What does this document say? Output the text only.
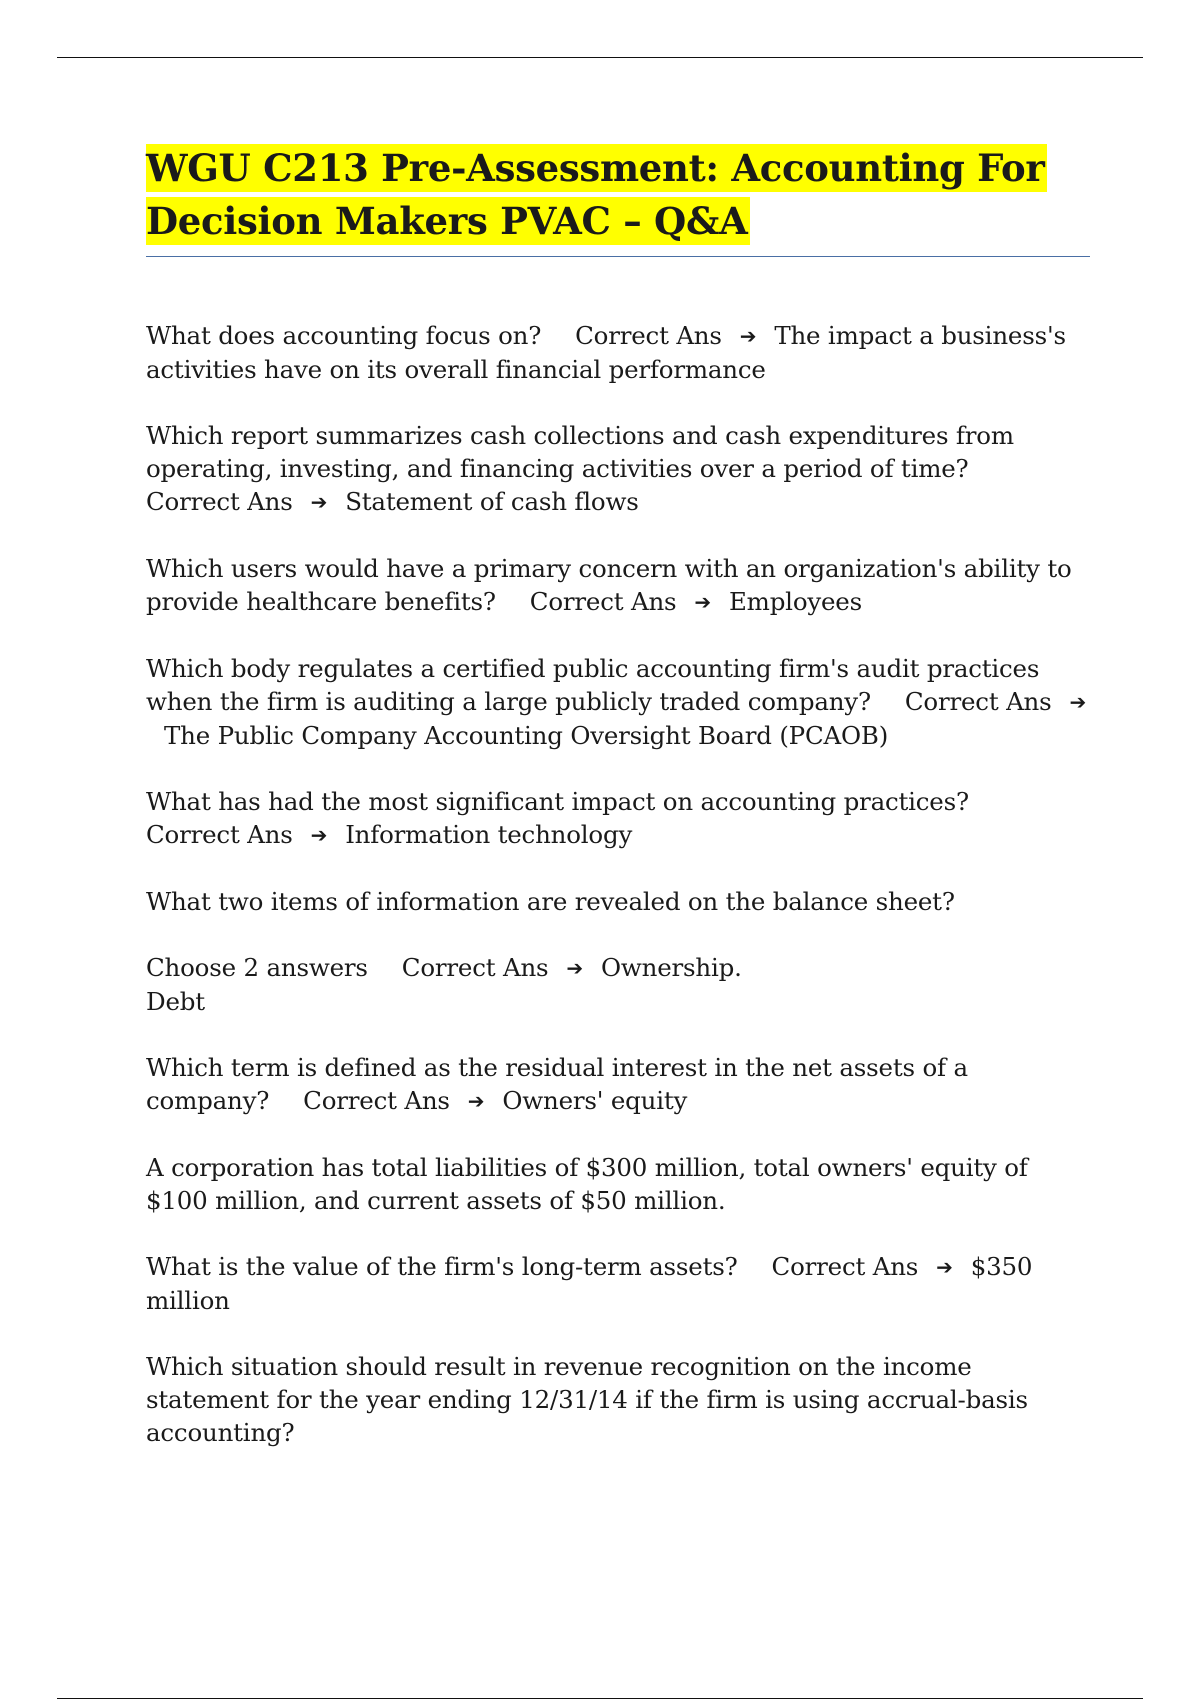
WGU C213 Pre-Assessment: Accounting For Decision Makers PVAC – Q&A

What does accounting focus on? Correct Ans ➔ The impact a business's activities have on its overall financial performance

Which report summarizes cash collections and cash expenditures from operating, investing, and financing activities over a period of time?Correct Ans ➔ Statement of cash flows

Which users would have a primary concern with an organization's ability to provide healthcare benefits? Correct Ans ➔ Employees

Which body regulates a certified public accounting firm's audit practices when the firm is auditing a large publicly traded company? Correct Ans ➔The Public Company Accounting Oversight Board (PCAOB)

What has had the most significant impact on accounting practices?Correct Ans ➔ Information technology

What two items of information are revealed on the balance sheet?

Choose 2 answers Correct Ans ➔ Ownership.
Debt

Which term is defined as the residual interest in the net assets of a company? Correct Ans ➔ Owners' equity

A corporation has total liabilities of $300 million, total owners' equity of $100 million, and current assets of $50 million.

What is the value of the firm's long-term assets? Correct Ans ➔ $350 million

Which situation should result in revenue recognition on the income statement for the year ending 12/31/14 if the firm is using accrual-basis accounting?
